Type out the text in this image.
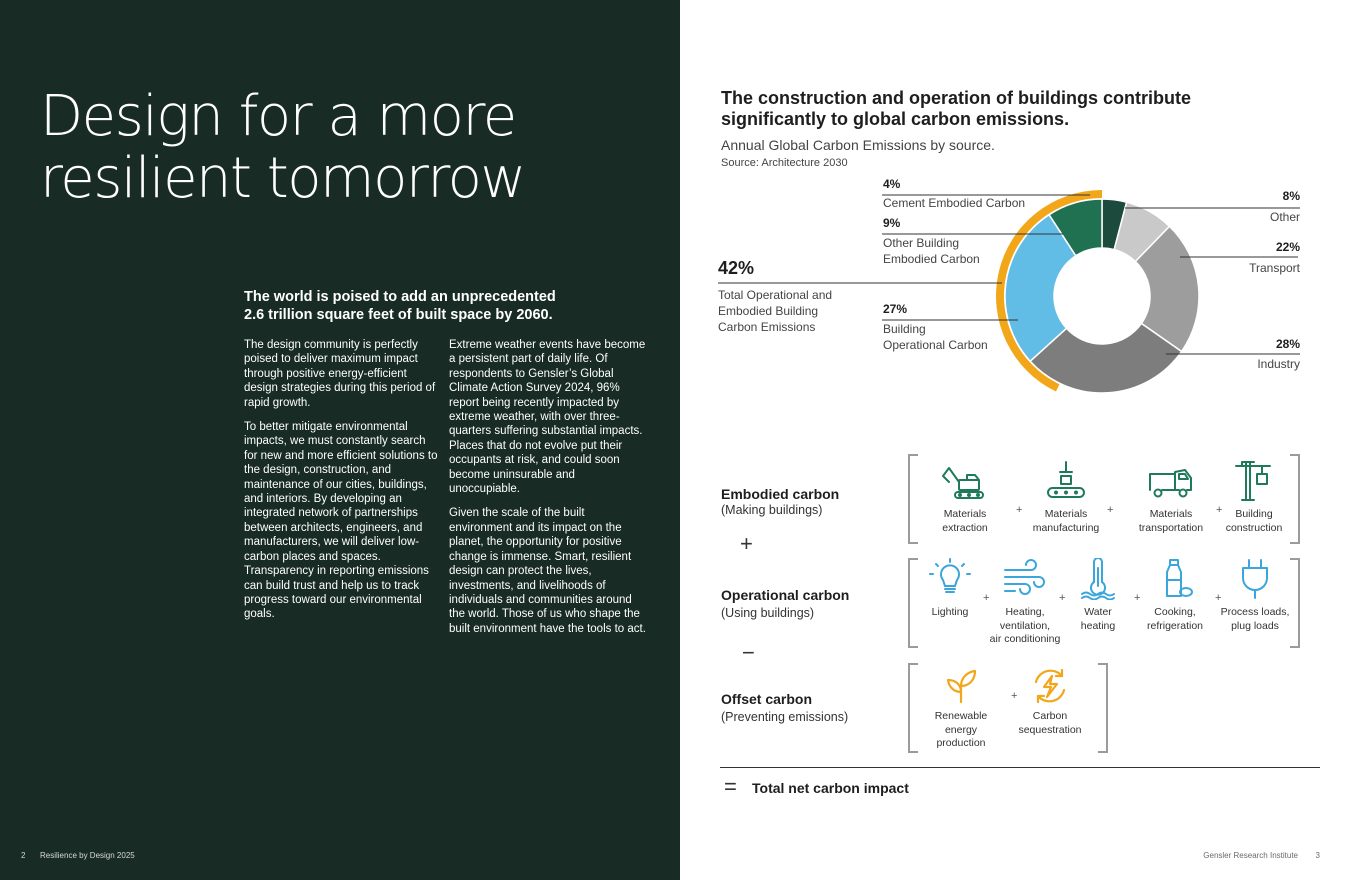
Design for a more
resilient tomorrow
The world is poised to add an unprecedented
2.6 trillion square feet of built space by 2060.

The design community is perfectly poised to deliver maximum impact through positive energy-efficient design strategies during this period of rapid growth.

To better mitigate environmental impacts, we must constantly search for new and more efficient solutions to the design, construction, and maintenance of our cities, buildings, and interiors. By developing an integrated network of partnerships between architects, engineers, and manufacturers, we will deliver low-carbon places and spaces. Transparency in reporting emissions can build trust and help us to track progress toward our environmental goals.

Extreme weather events have become a persistent part of daily life. Of respondents to Gensler’s Global Climate Action Survey 2024, 96% report being recently impacted by extreme weather, with over three-quarters suffering substantial impacts. Places that do not evolve put their occupants at risk, and could soon become uninsurable and unoccupiable.

Given the scale of the built environment and its impact on the planet, the opportunity for positive change is immense. Smart, resilient design can protect the lives, investments, and livelihoods of individuals and communities around the world. Those of us who shape the built environment have the tools to act.

2 Resilience by Design 2025
The construction and operation of buildings contribute
significantly to global carbon emissions.
Annual Global Carbon Emissions by source.
Source: Architecture 2030
4%
Cement Embodied Carbon
9%
Other Building
Embodied Carbon
42%
Total Operational and
Embodied Building
Carbon Emissions
27%
Building
Operational Carbon
8%
Other
22%
Transport
28%
Industry
Embodied carbon
(Making buildings)
+
Materials
extraction
+	Materials
manufacturing
+	Materials
transportation
+	Building
construction
Operational carbon
(Using buildings)
−
Lighting
+
Heating,
ventilation,
air conditioning
+
Water
heating
+
Cooking,
refrigeration
+
Process loads,
plug loads
Offset carbon
(Preventing emissions)	Renewable
energy
production
+
Carbon
sequestration
= Total net carbon impact
Gensler Research Institute 3
